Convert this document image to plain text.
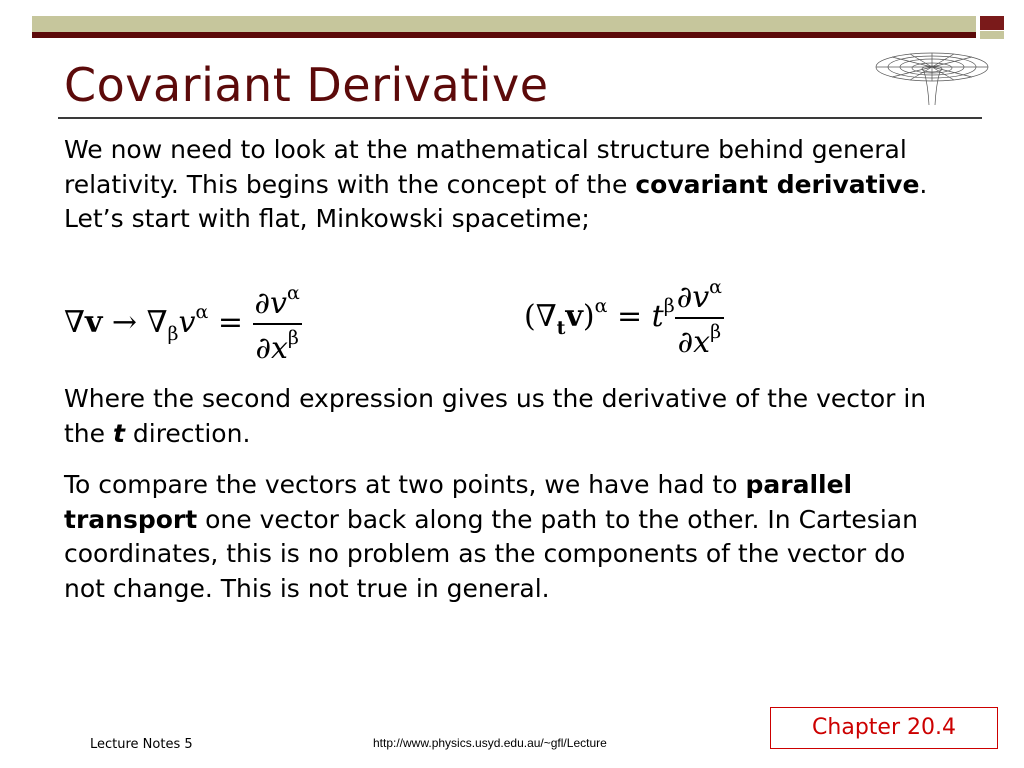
Covariant Derivative
We now need to look at the mathematical structure behind general relativity. This begins with the concept of the covariant derivative. Let’s start with flat, Minkowski spacetime;
$\nabla v \to \nabla_\beta v^\alpha = \frac{\partial v^\alpha}{\partial x^\beta}$	$(\nabla_tv)^\alpha = t^\beta \frac{\partial v^\alpha}{\partial x^\beta}$
Where the second expression gives us the derivative of the vector in the t direction.
To compare the vectors at two points, we have had to parallel transport one vector back along the path to the other. In Cartesian coordinates, this is no problem as the components of the vector do not change. This is not true in general.
Chapter 20.4
Lecture Notes 5	http://www.physics.usyd.edu.au/~gfl/Lecture
